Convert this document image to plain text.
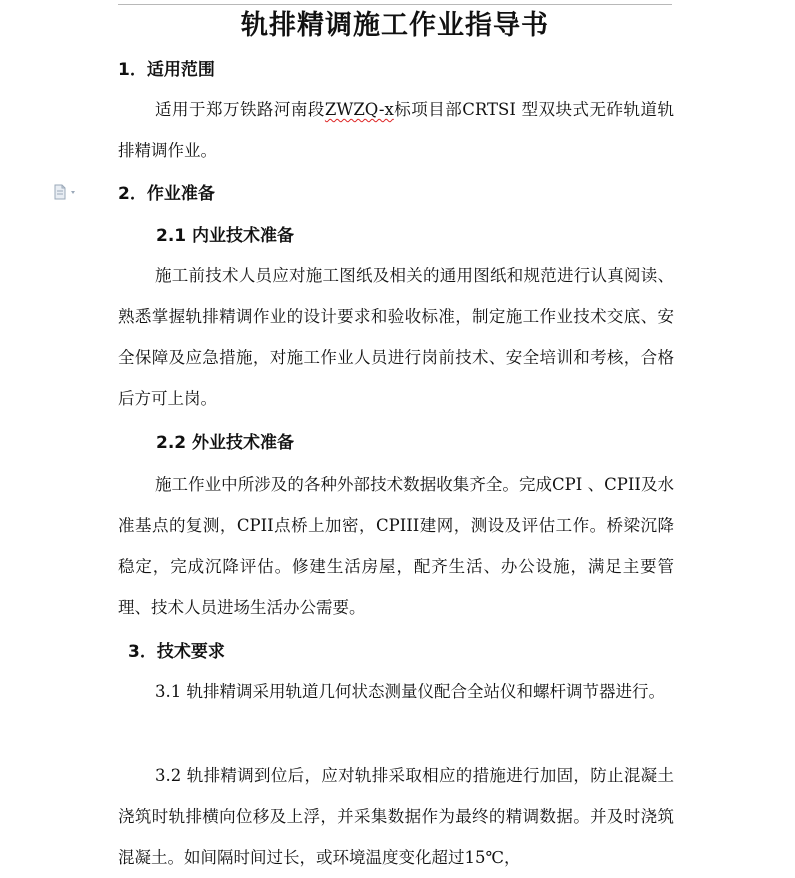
轨排精调施工作业指导书
1．适用范围

适用于郑万铁路河南段ZWZQ-x标项目部CRTSI 型双块式无砟轨道轨排精调作业。

2．作业准备
2.1 内业技术准备

施工前技术人员应对施工图纸及相关的通用图纸和规范进行认真阅读、熟悉掌握轨排精调作业的设计要求和验收标准，制定施工作业技术交底、安全保障及应急措施，对施工作业人员进行岗前技术、安全培训和考核，合格后方可上岗。

2.2 外业技术准备

施工作业中所涉及的各种外部技术数据收集齐全。完成CPI 、CPII及水准基点的复测，CPII点桥上加密，CPIII建网，测设及评估工作。桥梁沉降稳定，完成沉降评估。修建生活房屋，配齐生活、办公设施，满足主要管理、技术人员进场生活办公需要。

3．技术要求

3.1 轨排精调采用轨道几何状态测量仪配合全站仪和螺杆调节器进行。

3.2 轨排精调到位后，应对轨排采取相应的措施进行加固，防止混凝土浇筑时轨排横向位移及上浮，并采集数据作为最终的精调数据。并及时浇筑混凝土。如间隔时间过长，或环境温度变化超过15℃，
